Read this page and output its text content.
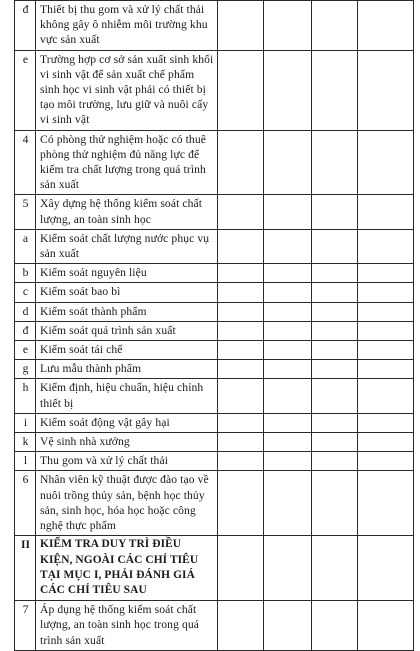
đ	Thiết bị thu gom và xử lý chất thải không gây ô nhiễm môi trường khu vực sản xuất				
e	Trường hợp cơ sở sản xuất sinh khối vi sinh vật để sản xuất chế phẩm sinh học vi sinh vật phải có thiết bị tạo môi trường, lưu giữ và nuôi cấy vi sinh vật				
4	Có phòng thử nghiệm hoặc có thuê phòng thử nghiệm đủ năng lực để kiểm tra chất lượng trong quá trình sản xuất				
5	Xây dựng hệ thống kiểm soát chất lượng, an toàn sinh học				
a	Kiểm soát chất lượng nước phục vụ sản xuất				
b	Kiểm soát nguyên liệu				
c	Kiểm soát bao bì				
d	Kiểm soát thành phẩm				
đ	Kiểm soát quá trình sản xuất				
e	Kiểm soát tái chế				
g	Lưu mẫu thành phẩm				
h	Kiểm định, hiệu chuẩn, hiệu chỉnh thiết bị				
i	Kiểm soát động vật gây hại				
k	Vệ sinh nhà xưởng				
l	Thu gom và xử lý chất thải				
6	Nhân viên kỹ thuật được đào tạo về nuôi trồng thủy sản, bệnh học thủy sản, sinh học, hóa học hoặc công nghệ thực phẩm				
II	KIỂM TRA DUY TRÌ ĐIỀU KIỆN, NGOÀI CÁC CHỈ TIÊU TẠI MỤC I, PHẢI ĐÁNH GIÁ CÁC CHỈ TIÊU SAU				
7	Áp dụng hệ thống kiểm soát chất lượng, an toàn sinh học trong quá trình sản xuất				
